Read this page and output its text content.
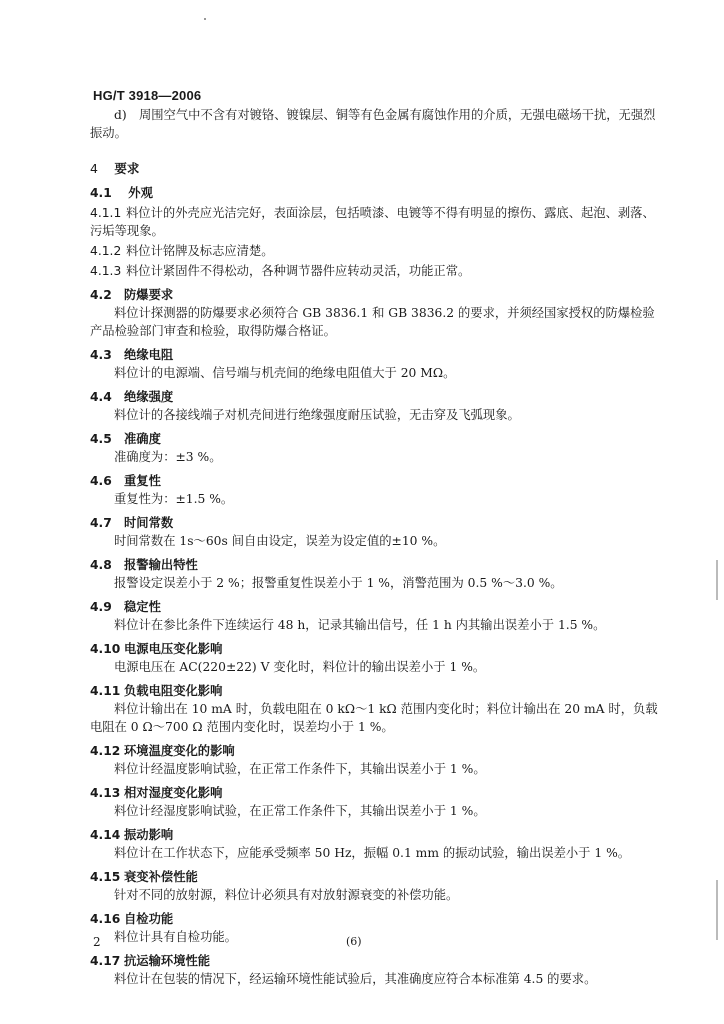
HG/T 3918—2006

d)　周围空气中不含有对镀铬、镀镍层、铜等有色金属有腐蚀作用的介质，无强电磁场干扰，无强烈振动。

4 要求
4.1 外观

4.1.1 料位计的外壳应光洁完好，表面涂层，包括喷漆、电镀等不得有明显的擦伤、露底、起泡、剥落、污垢等现象。

4.1.2 料位计铭牌及标志应清楚。

4.1.3 料位计紧固件不得松动，各种调节器件应转动灵活，功能正常。

4.2 防爆要求

料位计探测器的防爆要求必须符合 GB 3836.1 和 GB 3836.2 的要求，并须经国家授权的防爆检验产品检验部门审查和检验，取得防爆合格证。

4.3 绝缘电阻

料位计的电源端、信号端与机壳间的绝缘电阻值大于 20 MΩ。

4.4 绝缘强度

料位计的各接线端子对机壳间进行绝缘强度耐压试验，无击穿及飞弧现象。

4.5 准确度

准确度为：±3 %。

4.6 重复性

重复性为：±1.5 %。

4.7 时间常数

时间常数在 1s～60s 间自由设定，误差为设定值的±10 %。

4.8 报警输出特性

报警设定误差小于 2 %；报警重复性误差小于 1 %，消警范围为 0.5 %～3.0 %。

4.9 稳定性

料位计在参比条件下连续运行 48 h，记录其输出信号，任 1 h 内其输出误差小于 1.5 %。

4.10 电源电压变化影响

电源电压在 AC(220±22) V 变化时，料位计的输出误差小于 1 %。

4.11 负载电阻变化影响

料位计输出在 10 mA 时，负载电阻在 0 kΩ～1 kΩ 范围内变化时；料位计输出在 20 mA 时，负载电阻在 0 Ω～700 Ω 范围内变化时，误差均小于 1 %。

4.12 环境温度变化的影响

料位计经温度影响试验，在正常工作条件下，其输出误差小于 1 %。

4.13 相对湿度变化影响

料位计经湿度影响试验，在正常工作条件下，其输出误差小于 1 %。

4.14 振动影响

料位计在工作状态下，应能承受频率 50 Hz，振幅 0.1 mm 的振动试验，输出误差小于 1 %。

4.15 衰变补偿性能

针对不同的放射源，料位计必须具有对放射源衰变的补偿功能。

4.16 自检功能

料位计具有自检功能。

4.17 抗运输环境性能

料位计在包装的情况下，经运输环境性能试验后，其准确度应符合本标准第 4.5 的要求。

2	(6)
